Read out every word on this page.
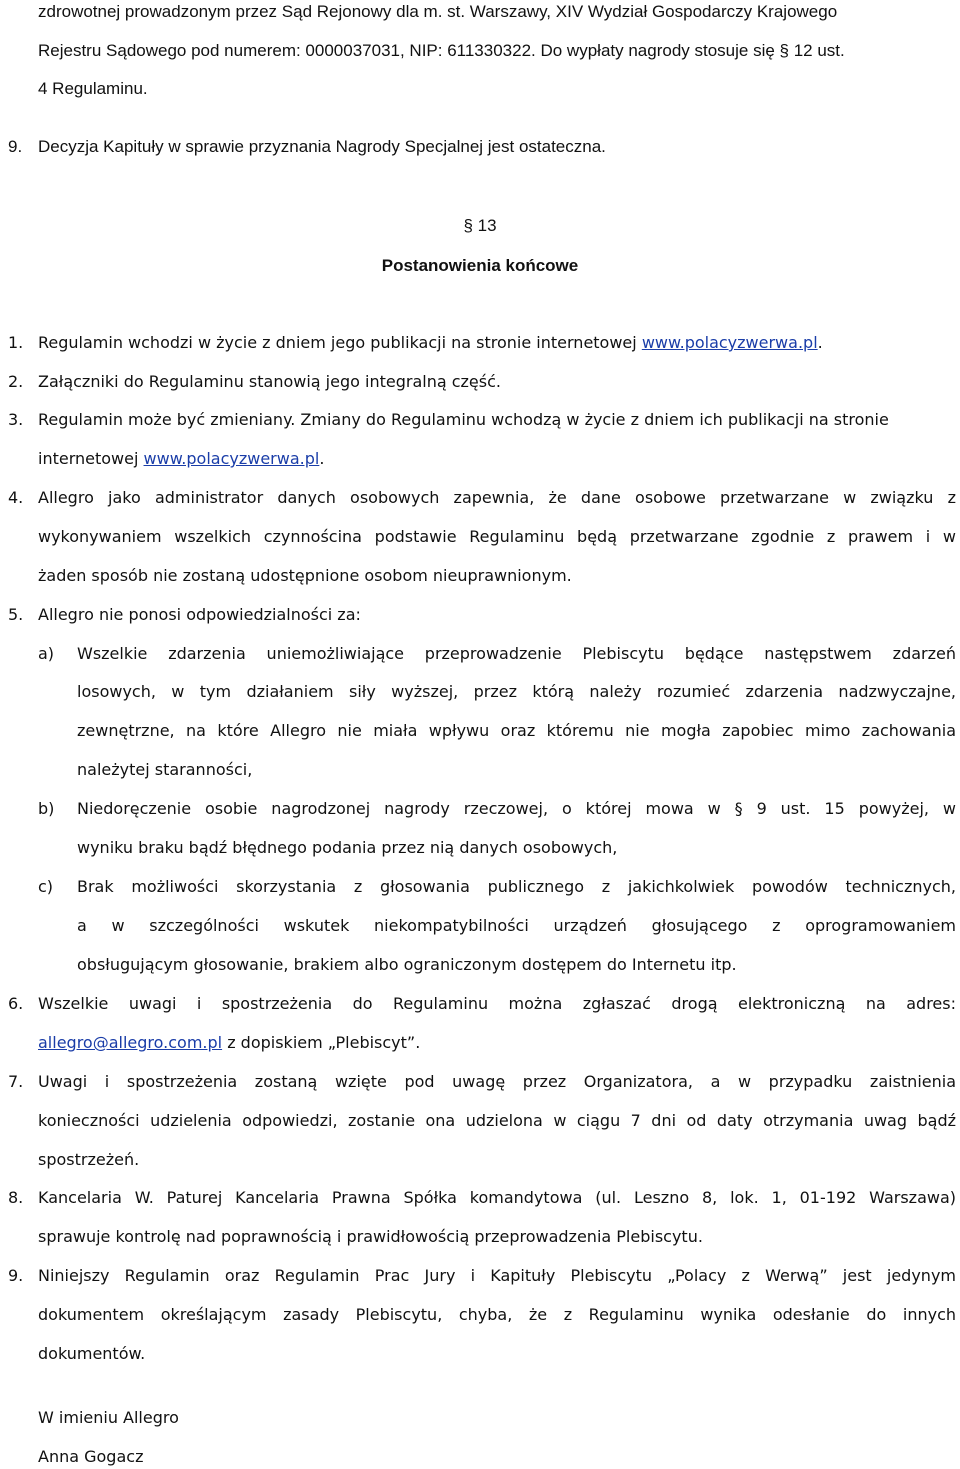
zdrowotnej prowadzonym przez Sąd Rejonowy dla m. st. Warszawy, XIV Wydział Gospodarczy Krajowego
Rejestru Sądowego pod numerem: 0000037031, NIP: 611330322. Do wypłaty nagrody stosuje się § 12 ust.
4 Regulaminu.
9. Decyzja Kapituły w sprawie przyznania Nagrody Specjalnej jest ostateczna.
§ 13
Postanowienia końcowe
1. Regulamin wchodzi w życie z dniem jego publikacji na stronie internetowej www.polacyzwerwa.pl.
2. Załączniki do Regulaminu stanowią jego integralną część.
3. Regulamin może być zmieniany. Zmiany do Regulaminu wchodzą w życie z dniem ich publikacji na stronie
internetowej www.polacyzwerwa.pl.
4. Allegro jako administrator danych osobowych zapewnia, że dane osobowe przetwarzane w związku z
wykonywaniem wszelkich czynnościna podstawie Regulaminu będą przetwarzane zgodnie z prawem i w
żaden sposób nie zostaną udostępnione osobom nieuprawnionym.
5. Allegro nie ponosi odpowiedzialności za:
a) Wszelkie zdarzenia uniemożliwiające przeprowadzenie Plebiscytu będące następstwem zdarzeń
losowych, w tym działaniem siły wyższej, przez którą należy rozumieć zdarzenia nadzwyczajne,
zewnętrzne, na które Allegro nie miała wpływu oraz któremu nie mogła zapobiec mimo zachowania
należytej staranności,
b) Niedoręczenie osobie nagrodzonej nagrody rzeczowej, o której mowa w § 9 ust. 15 powyżej, w
wyniku braku bądź błędnego podania przez nią danych osobowych,
c) Brak możliwości skorzystania z głosowania publicznego z jakichkolwiek powodów technicznych,
a w szczególności wskutek niekompatybilności urządzeń głosującego z oprogramowaniem
obsługującym głosowanie, brakiem albo ograniczonym dostępem do Internetu itp.
6. Wszelkie uwagi i spostrzeżenia do Regulaminu można zgłaszać drogą elektroniczną na adres:
allegro@allegro.com.pl z dopiskiem „Plebiscyt”.
7. Uwagi i spostrzeżenia zostaną wzięte pod uwagę przez Organizatora, a w przypadku zaistnienia
konieczności udzielenia odpowiedzi, zostanie ona udzielona w ciągu 7 dni od daty otrzymania uwag bądź
spostrzeżeń.
8. Kancelaria W. Paturej Kancelaria Prawna Spółka komandytowa (ul. Leszno 8, lok. 1, 01-192 Warszawa)
sprawuje kontrolę nad poprawnością i prawidłowością przeprowadzenia Plebiscytu.
9. Niniejszy Regulamin oraz Regulamin Prac Jury i Kapituły Plebiscytu „Polacy z Werwą” jest jedynym
dokumentem określającym zasady Plebiscytu, chyba, że z Regulaminu wynika odesłanie do innych
dokumentów.
W imieniu Allegro
Anna Gogacz
